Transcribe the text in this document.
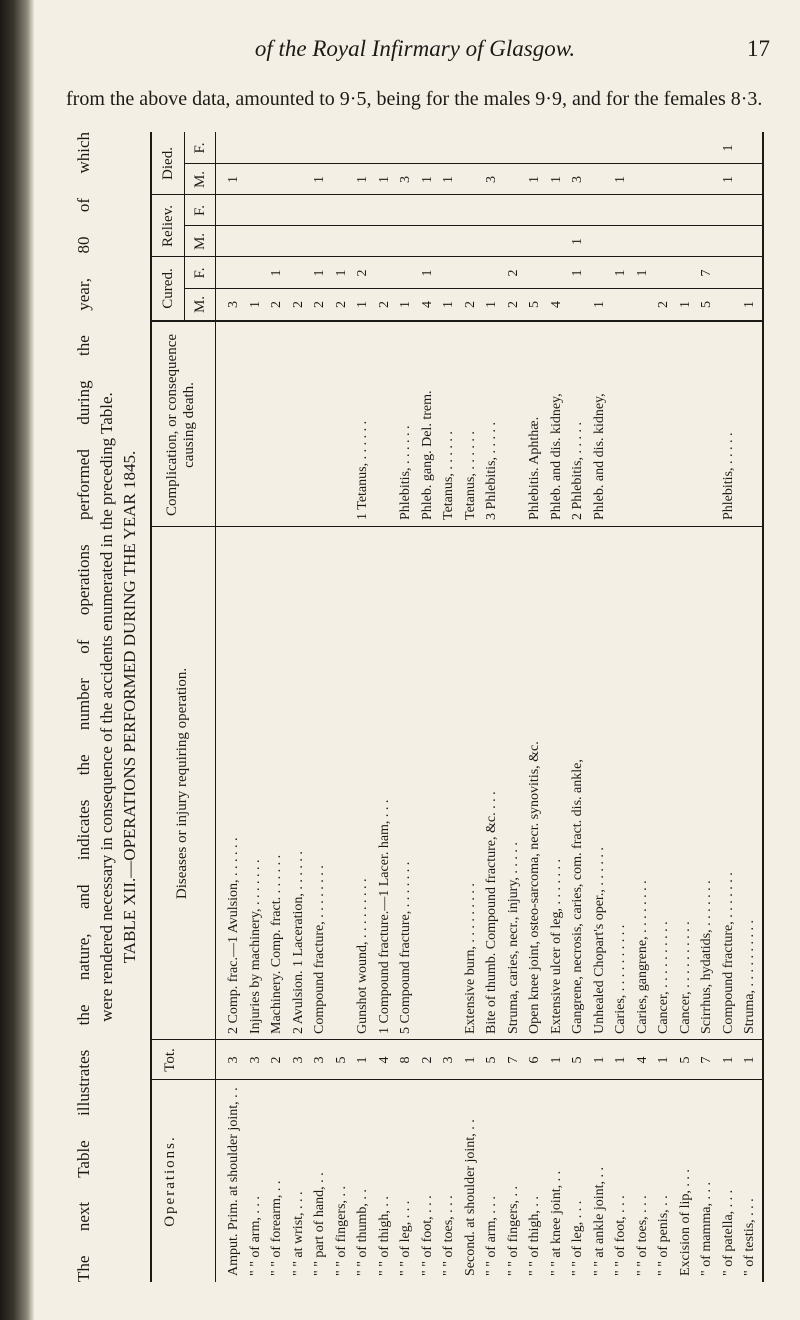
of the Royal Infirmary of Glasgow.	17
from the above data, amounted to 9·5, being for the males 9·9, and for the females 8·3.
The next Table illustrates the nature, and indicates the number of operations performed during the year, 80 of which were rendered necessary in consequence of the accidents enumerated in the preceding Table. TABLE XII.—OPERATIONS PERFORMED DURING THE YEAR 1845.
Operations.
Tot.
Diseases or injury requiring operation.
Complication, or consequence causing death.
Cured.
Reliev.
Died.
M.
F.
M.
F.
M.
F.
Amput. Prim. at shoulder joint, . .
3
2 Comp. frac.—1 Avulsion, . . . . . .
3
1
" " of arm, . . .
3
Injuries by machinery, . . . . . . .
1
" " of forearm, . .
2
Machinery. Comp. fract. . . . . . .
2
1
" " at wrist, . . .
3
2 Avulsion. 1 Laceration, . . . . . .
2
" " part of hand, . .
3
Compound fracture, . . . . . . . .
2
1
1
" " of fingers, . .
5
2
1
" " of thumb, . .
1
Gunshot wound, . . . . . . . . .
1 Tetanus, . . . . . .
1
2
1
" " of thigh, . .
4
1 Compound fracture.—1 Lacer. ham, . . .
2
1
" " of leg, . . .
8
5 Compound fracture, . . . . . . .
Phlebitis, . . . . . .
1
3
" " of foot, . . .
2
Phleb. gang. Del. trem.
4
1
1
" " of toes, . . .
3
Tetanus, . . . . . .
1
1
Second. at shoulder joint, . .
1
Extensive burn, . . . . . . . . .
Tetanus, . . . . . .
2
" " of arm, . . .
5
Bite of thumb. Compound fracture, &c. . . .
3 Phlebitis, . . . . .
1
3
" " of fingers, . .
7
Struma, caries, necr., injury, . . . . .
2
2
" " of thigh, . .
6
Open knee joint, osteo-sarcoma, necr. synovitis, &c.
Phlebitis. Aphthæ.
5
1
" " at knee joint, . .
1
Extensive ulcer of leg, . . . . . . .
Phleb. and dis. kidney,
4
1
" " of leg, . . .
5
Gangrene, necrosis, caries, com. fract. dis. ankle,
2 Phlebitis, . . . . .
1
1
3
" " at ankle joint, . .
1
Unhealed Chopart's oper., . . . . . .
Phleb. and dis. kidney,
1
" " of foot, . . .
1
Caries, . . . . . . . . . .
1
1
" " of toes, . . .
4
Caries, gangrene, . . . . . . . .
1
" " of penis, . .
1
Cancer, . . . . . . . . . .
2
Excision of lip, . . .
5
Cancer, . . . . . . . . . .
1
" of mamma, . . .
7
Scirrhus, hydatids, . . . . . . .
5
7
" of patella, . . .
1
Compound fracture, . . . . . . .
Phlebitis, . . . . .
1
1
" of testis, . . .
1
Struma, . . . . . . . . . .
1
